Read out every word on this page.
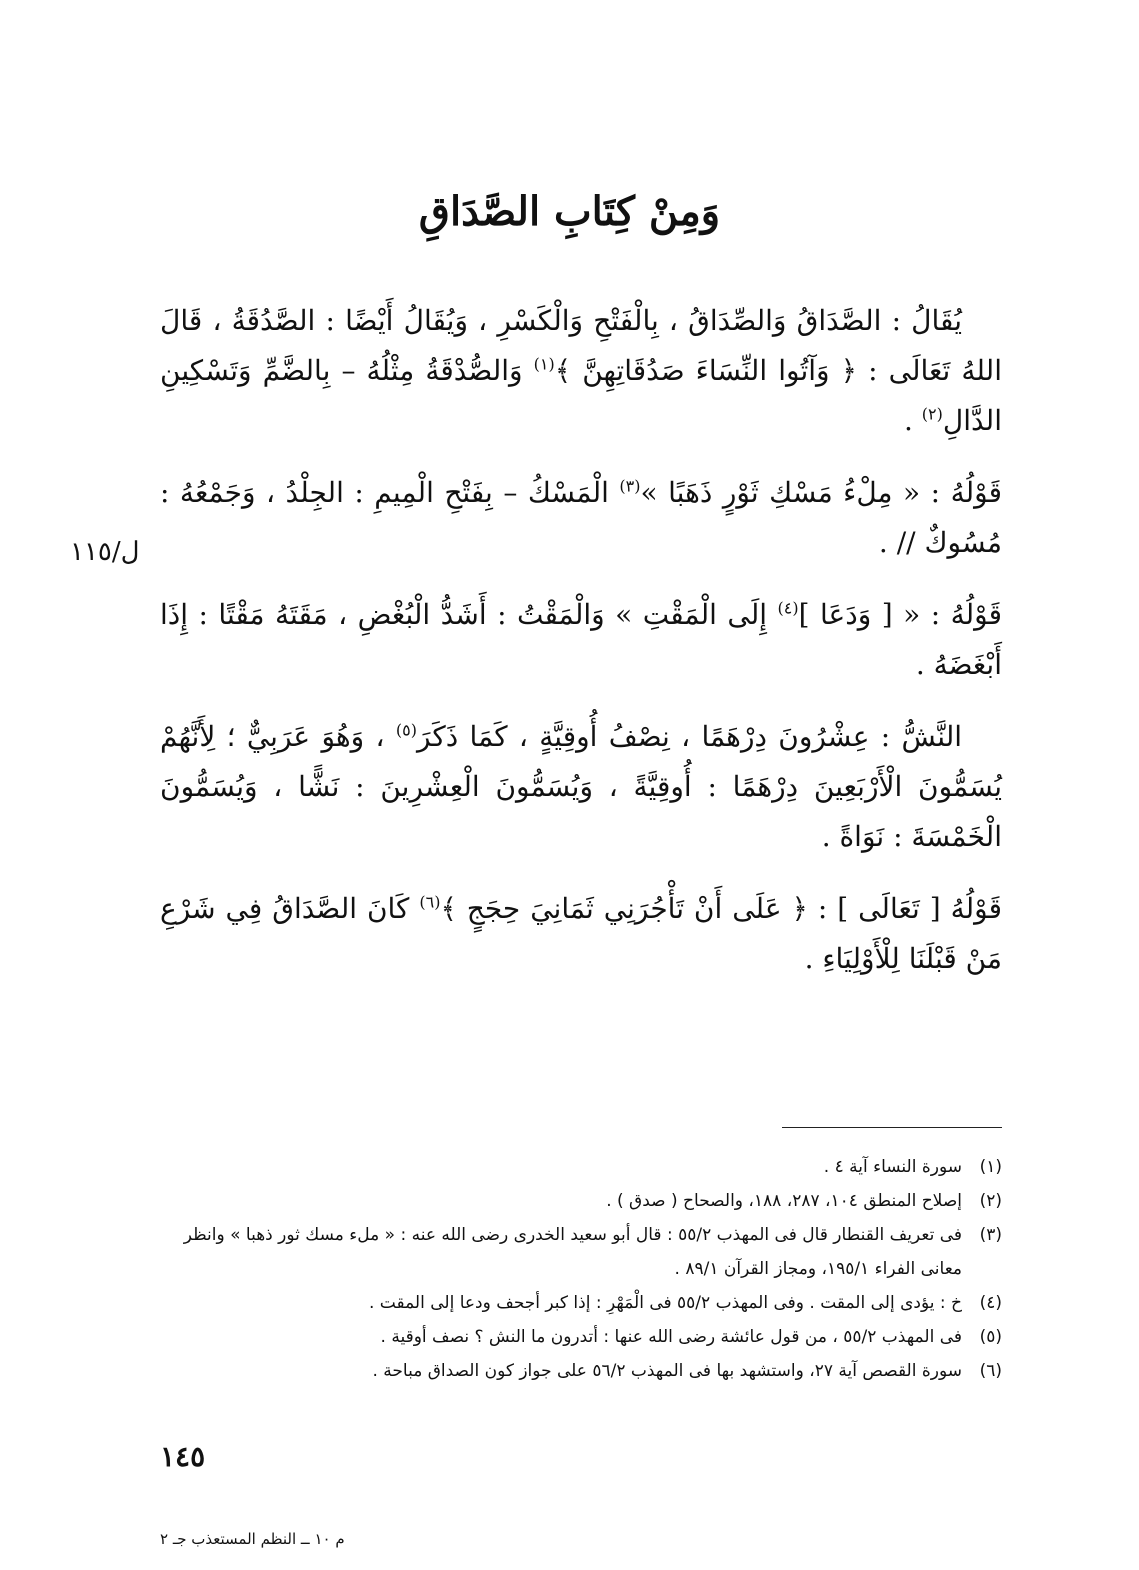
وَمِنْ كِتَابِ الصَّدَاقِ

يُقَالُ : الصَّدَاقُ وَالصِّدَاقُ ، بِالْفَتْحِ وَالْكَسْرِ ، وَيُقَالُ أَيْضًا : الصَّدُقَةُ ، قَالَ اللهُ تَعَالَى : ﴿ وَآتُوا النِّسَاءَ صَدُقَاتِهِنَّ ﴾$^{(١)}$ وَالصُّدْقَةُ مِثْلُهُ – بِالضَّمِّ وَتَسْكِينِ الدَّالِ$^{(٢)}$ .

قَوْلُهُ : « مِلْءُ مَسْكِ ثَوْرٍ ذَهَبًا »$^{(٣)}$ الْمَسْكُ – بِفَتْحِ الْمِيمِ : الجِلْدُ ، وَجَمْعُهُ : مُسُوكٌ // .

قَوْلُهُ : « [ وَدَعَا ]$^{(٤)}$ إِلَى الْمَقْتِ » وَالْمَقْتُ : أَشَدُّ الْبُغْضِ ، مَقَتَهُ مَقْتًا : إِذَا أَبْغَضَهُ .

النَّشُّ : عِشْرُونَ دِرْهَمًا ، نِصْفُ أُوقِيَّةٍ ، كَمَا ذَكَرَ$^{(٥)}$ ، وَهُوَ عَرَبِيٌّ ؛ لِأَنَّهُمْ يُسَمُّونَ الْأَرْبَعِينَ دِرْهَمًا : أُوقِيَّةً ، وَيُسَمُّونَ الْعِشْرِينَ : نَشًّا ، وَيُسَمُّونَ الْخَمْسَةَ : نَوَاةً .

قَوْلُهُ [ تَعَالَى ] : ﴿ عَلَى أَنْ تَأْجُرَنِي ثَمَانِيَ حِجَجٍ ﴾$^{(٦)}$ كَانَ الصَّدَاقُ فِي شَرْعِ مَنْ قَبْلَنَا لِلْأَوْلِيَاءِ .

ل/١١٥
(١)
سورة النساء آية ٤ .
(٢)
إصلاح المنطق ١٠٤، ٢٨٧، ١٨٨، والصحاح ( صدق ) .
(٣)
فى تعريف القنطار قال فى المهذب ٥٥/٢ : قال أبو سعيد الخدرى رضى الله عنه : « ملء مسك ثور ذهبا » وانظر معانى الفراء ١٩٥/١، ومجاز القرآن ٨٩/١ .
(٤)
خ : يؤدى إلى المقت . وفى المهذب ٥٥/٢ فى الْمَهْرِ : إذا كبر أجحف ودعا إلى المقت .
(٥)
فى المهذب ٥٥/٢ ، من قول عائشة رضى الله عنها : أتدرون ما النش ؟ نصف أوقية .
(٦)
سورة القصص آية ٢٧، واستشهد بها فى المهذب ٥٦/٢ على جواز كون الصداق مباحة .
١٤٥
م ١٠ ــ النظم المستعذب جـ ٢
